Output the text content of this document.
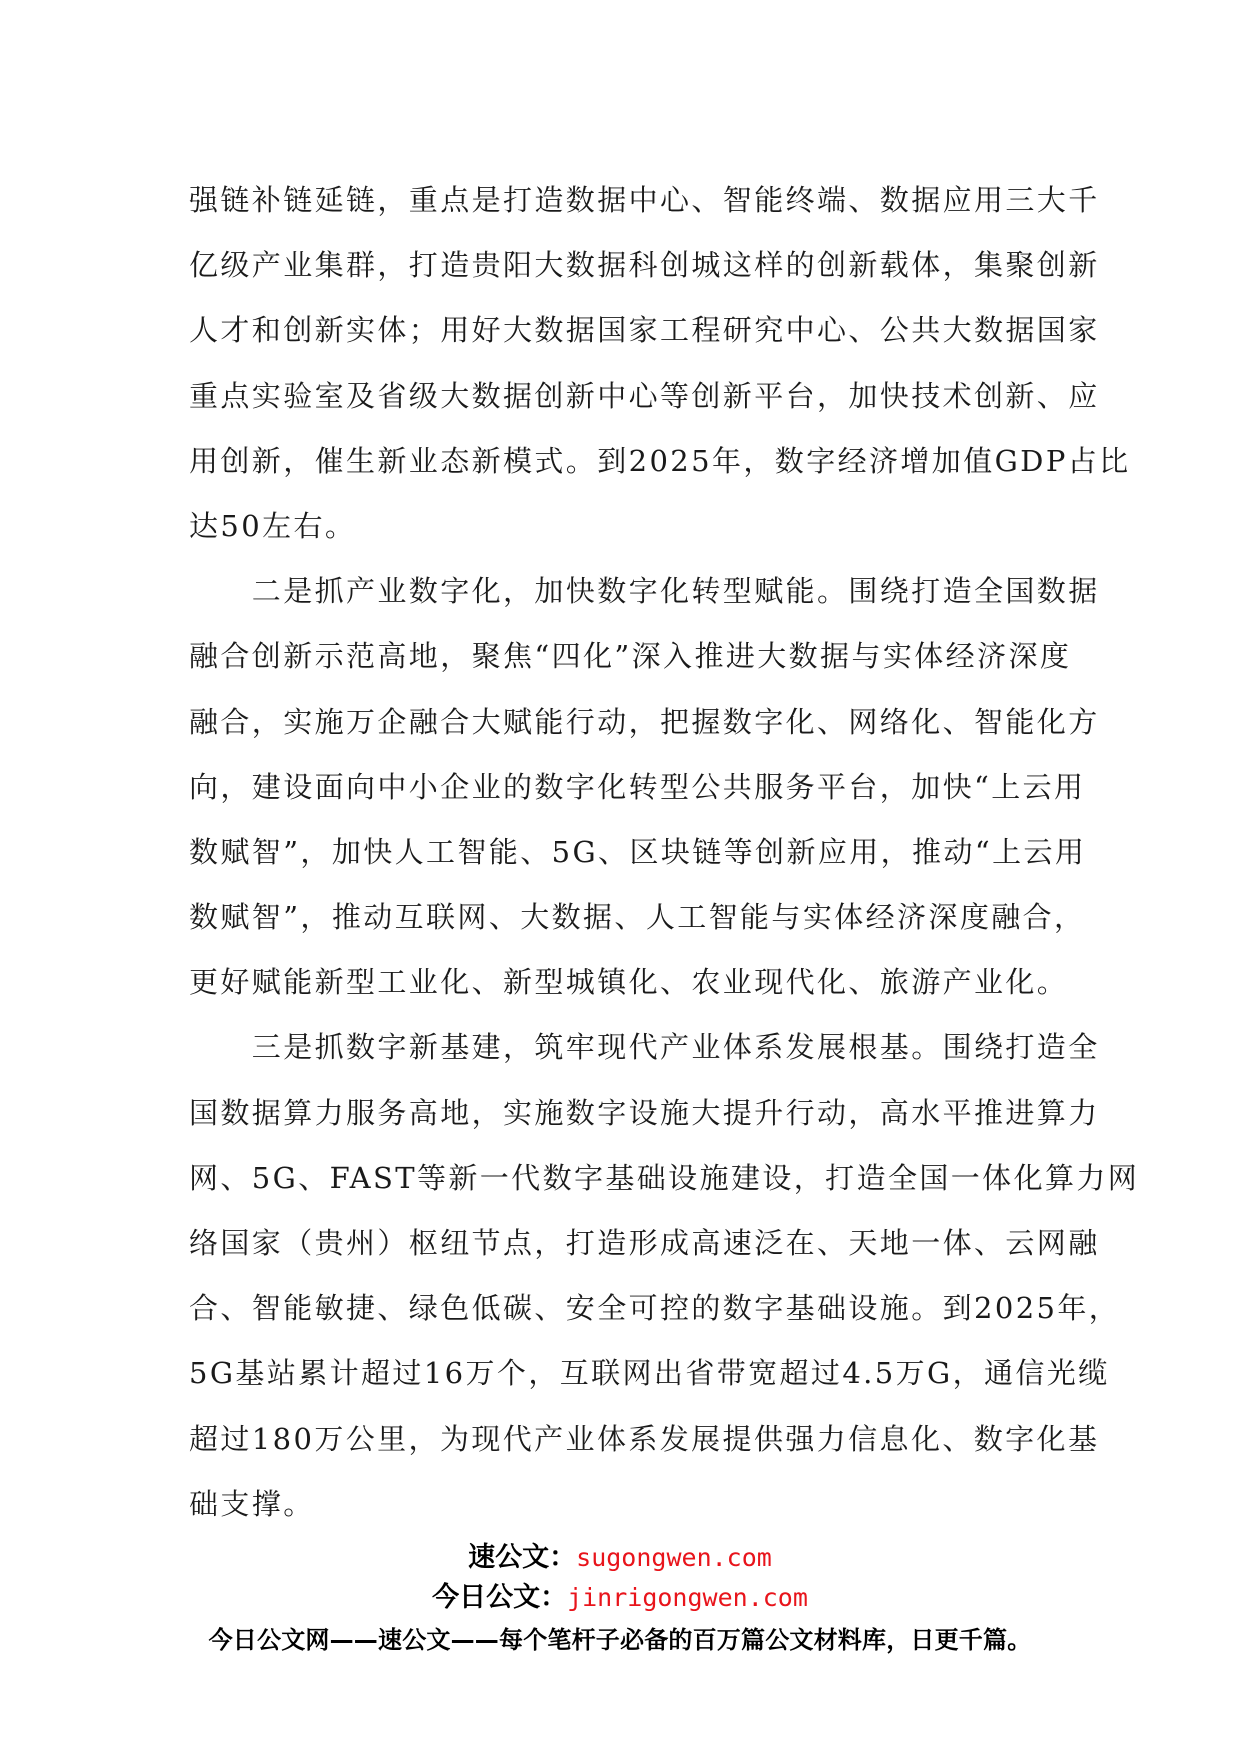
强链补链延链，重点是打造数据中心、智能终端、数据应用三大千
亿级产业集群，打造贵阳大数据科创城这样的创新载体，集聚创新
人才和创新实体；用好大数据国家工程研究中心、公共大数据国家
重点实验室及省级大数据创新中心等创新平台，加快技术创新、应
用创新，催生新业态新模式。到2025年，数字经济增加值GDP占比
达50左右。
　　二是抓产业数字化，加快数字化转型赋能。围绕打造全国数据
融合创新示范高地，聚焦“四化”深入推进大数据与实体经济深度
融合，实施万企融合大赋能行动，把握数字化、网络化、智能化方
向，建设面向中小企业的数字化转型公共服务平台，加快“上云用
数赋智”，加快人工智能、5G、区块链等创新应用，推动“上云用
数赋智”，推动互联网、大数据、人工智能与实体经济深度融合，
更好赋能新型工业化、新型城镇化、农业现代化、旅游产业化。
　　三是抓数字新基建，筑牢现代产业体系发展根基。围绕打造全
国数据算力服务高地，实施数字设施大提升行动，高水平推进算力
网、5G、FAST等新一代数字基础设施建设，打造全国一体化算力网
络国家（贵州）枢纽节点，打造形成高速泛在、天地一体、云网融
合、智能敏捷、绿色低碳、安全可控的数字基础设施。到2025年，
5G基站累计超过16万个，互联网出省带宽超过4.5万G，通信光缆
超过180万公里，为现代产业体系发展提供强力信息化、数字化基
础支撑。
速公文：sugongwen.com
今日公文：jinrigongwen.com
今日公文网——速公文——每个笔杆子必备的百万篇公文材料库，日更千篇。
